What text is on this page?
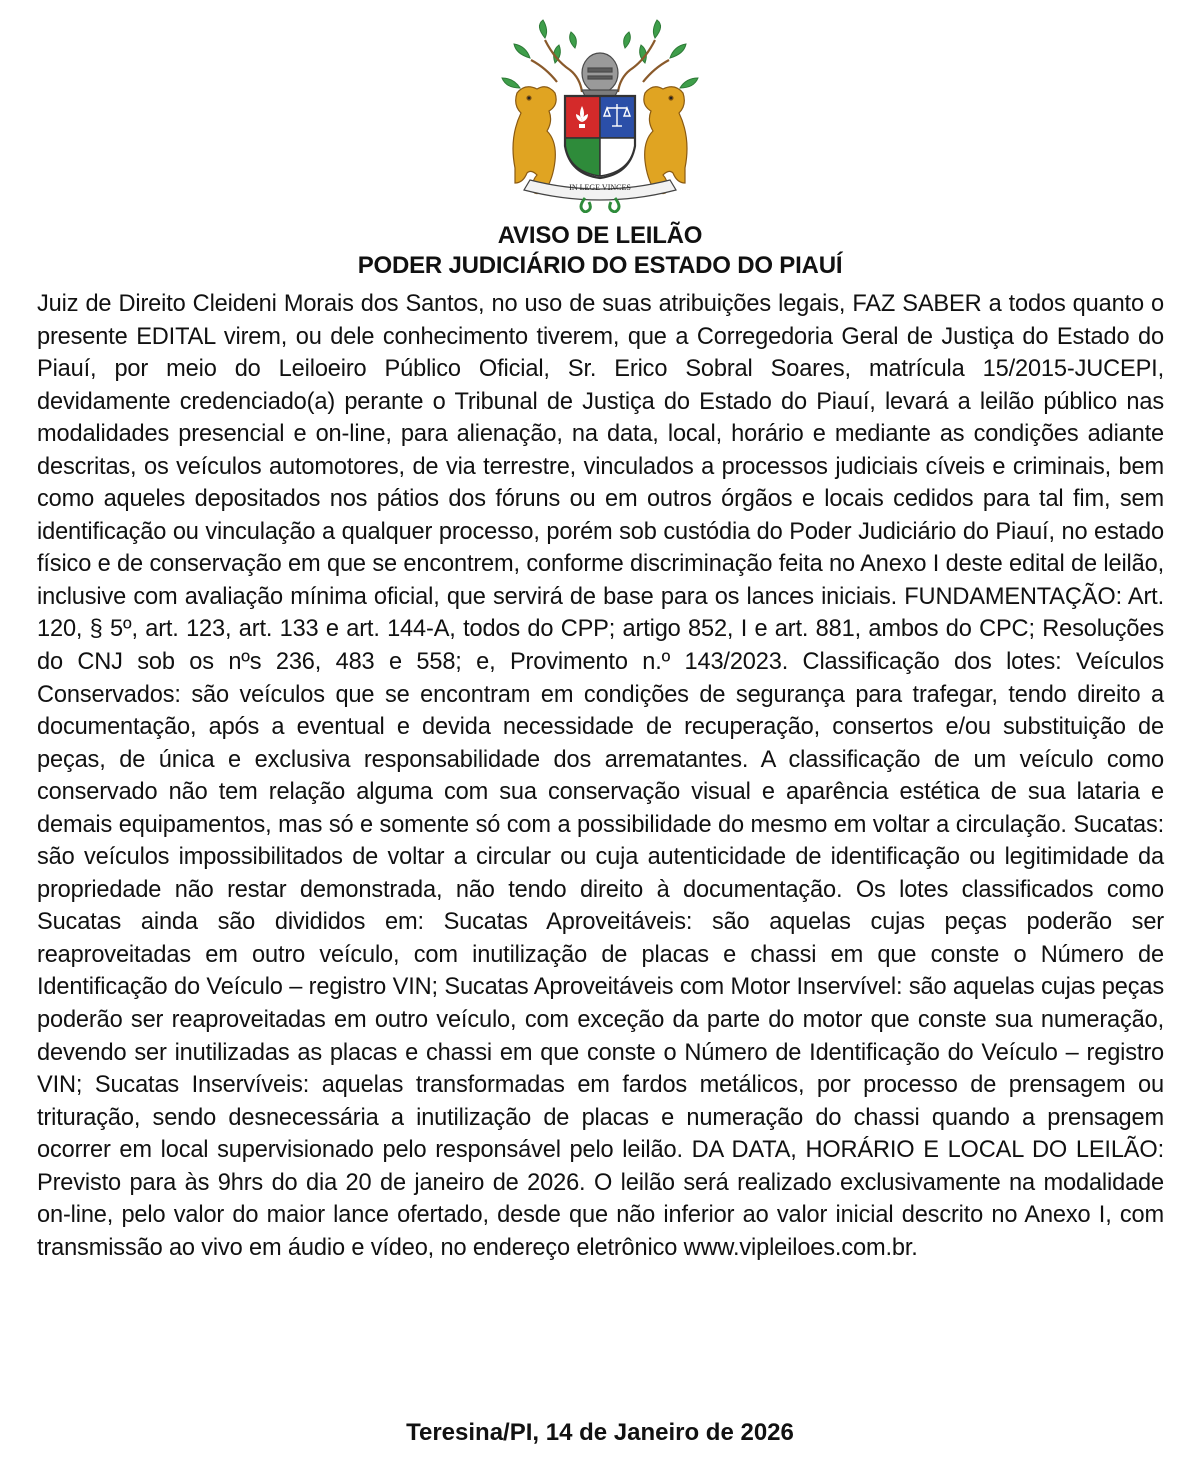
IN LEGE VINCES
AVISO DE LEILÃO
PODER JUDICIÁRIO DO ESTADO DO PIAUÍ
Juiz de Direito Cleideni Morais dos Santos, no uso de suas atribuições legais, FAZ SABER a todos quanto o presente EDITAL virem, ou dele conhecimento tiverem, que a Corregedoria Geral de Justiça do Estado do Piauí, por meio do Leiloeiro Público Oficial, Sr. Erico Sobral Soares, matrícula 15/2015-JUCEPI, devidamente credenciado(a) perante o Tribunal de Justiça do Estado do Piauí, levará a leilão público nas modalidades presencial e on-line, para alienação, na data, local, horário e mediante as condições adiante descritas, os veículos automotores, de via terrestre, vinculados a processos judiciais cíveis e criminais, bem como aqueles depositados nos pátios dos fóruns ou em outros órgãos e locais cedidos para tal fim, sem identificação ou vinculação a qualquer processo, porém sob custódia do Poder Judiciário do Piauí, no estado físico e de conservação em que se encontrem, conforme discriminação feita no Anexo I deste edital de leilão, inclusive com avaliação mínima oficial, que servirá de base para os lances iniciais. FUNDAMENTAÇÃO: Art. 120, § 5º, art. 123, art. 133 e art. 144-A, todos do CPP; artigo 852, I e art. 881, ambos do CPC; Resoluções do CNJ sob os nºs 236, 483 e 558; e, Provimento n.º 143/2023. Classificação dos lotes: Veículos Conservados: são veículos que se encontram em condições de segurança para trafegar, tendo direito a documentação, após a eventual e devida necessidade de recuperação, consertos e/ou substituição de peças, de única e exclusiva responsabilidade dos arrematantes. A classificação de um veículo como conservado não tem relação alguma com sua conservação visual e aparência estética de sua lataria e demais equipamentos, mas só e somente só com a possibilidade do mesmo em voltar a circulação. Sucatas: são veículos impossibilitados de voltar a circular ou cuja autenticidade de identificação ou legitimidade da propriedade não restar demonstrada, não tendo direito à documentação. Os lotes classificados como Sucatas ainda são divididos em: Sucatas Aproveitáveis: são aquelas cujas peças poderão ser reaproveitadas em outro veículo, com inutilização de placas e chassi em que conste o Número de Identificação do Veículo – registro VIN; Sucatas Aproveitáveis com Motor Inservível: são aquelas cujas peças poderão ser reaproveitadas em outro veículo, com exceção da parte do motor que conste sua numeração, devendo ser inutilizadas as placas e chassi em que conste o Número de Identificação do Veículo – registro VIN; Sucatas Inservíveis: aquelas transformadas em fardos metálicos, por processo de prensagem ou trituração, sendo desnecessária a inutilização de placas e numeração do chassi quando a prensagem ocorrer em local supervisionado pelo responsável pelo leilão. DA DATA, HORÁRIO E LOCAL DO LEILÃO: Previsto para às 9hrs do dia 20 de janeiro de 2026. O leilão será realizado exclusivamente na modalidade on-line, pelo valor do maior lance ofertado, desde que não inferior ao valor inicial descrito no Anexo I, com transmissão ao vivo em áudio e vídeo, no endereço eletrônico www.vipleiloes.com.br.
Teresina/PI, 14 de Janeiro de 2026
